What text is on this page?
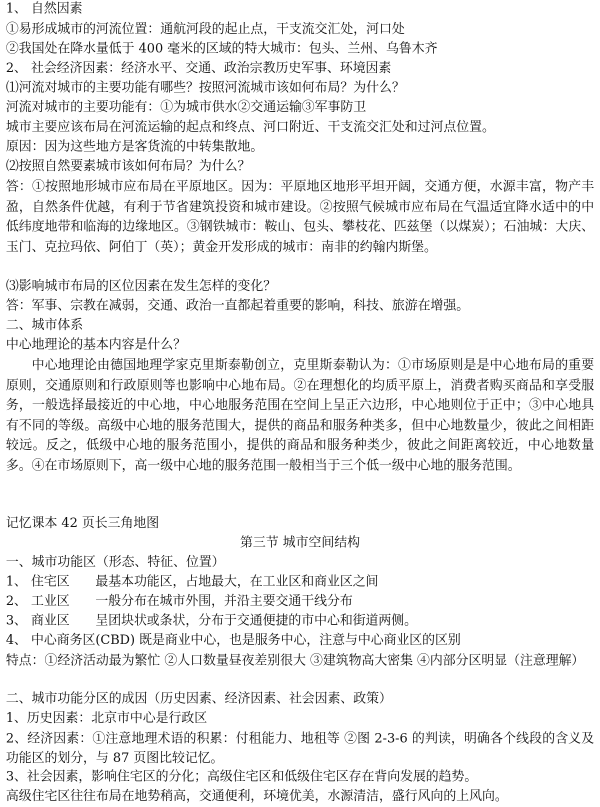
1、 自然因素
①易形成城市的河流位置：通航河段的起止点，干支流交汇处，河口处
②我国处在降水量低于 400 毫米的区域的特大城市：包头、兰州、乌鲁木齐
2、 社会经济因素：经济水平、交通、政治宗教历史军事、环境因素
⑴河流对城市的主要功能有哪些？按照河流城市该如何布局？为什么？
河流对城市的主要功能有：①为城市供水②交通运输③军事防卫
城市主要应该布局在河流运输的起点和终点、河口附近、干支流交汇处和过河点位置。
原因：因为这些地方是客货流的中转集散地。
⑵按照自然要素城市该如何布局？为什么？
答：①按照地形城市应布局在平原地区。因为：平原地区地形平坦开阔，交通方便，水源丰富，物产丰盈，自然条件优越，有利于节省建筑投资和城市建设。②按照气候城市应布局在气温适宜降水适中的中低纬度地带和临海的边缘地区。③钢铁城市：鞍山、包头、攀枝花、匹兹堡（以煤炭）；石油城：大庆、玉门、克拉玛依、阿伯丁（英）；黄金开发形成的城市：南非的约翰内斯堡。
⑶影响城市布局的区位因素在发生怎样的变化？
答：军事、宗教在减弱，交通、政治一直都起着重要的影响，科技、旅游在增强。
二、城市体系
中心地理论的基本内容是什么？
中心地理论由德国地理学家克里斯泰勒创立，克里斯泰勒认为：①市场原则是是中心地布局的重要原则，交通原则和行政原则等也影响中心地布局。②在理想化的均质平原上，消费者购买商品和享受服务，一般选择最接近的中心地，中心地服务范围在空间上呈正六边形，中心地则位于正中；③中心地具有不同的等级。高级中心地的服务范围大，提供的商品和服务种类多，但中心地数量少，彼此之间相距较远。反之，低级中心地的服务范围小，提供的商品和服务种类少，彼此之间距离较近，中心地数量多。④在市场原则下，高一级中心地的服务范围一般相当于三个低一级中心地的服务范围。
记忆课本 42 页长三角地图
第三节 城市空间结构
一、城市功能区（形态、特征、位置）
1、 住宅区　　最基本功能区，占地最大，在工业区和商业区之间
2、 工业区　　一般分布在城市外围，并沿主要交通干线分布
3、 商业区　　呈团块状或条状，分布于交通便捷的市中心和街道两侧。
4、 中心商务区(CBD) 既是商业中心，也是服务中心，注意与中心商业区的区别
特点：①经济活动最为繁忙 ②人口数量昼夜差别很大 ③建筑物高大密集 ④内部分区明显（注意理解）
二、城市功能分区的成因（历史因素、经济因素、社会因素、政策）
1、历史因素：北京市中心是行政区
2、经济因素：①注意地理术语的积累：付租能力、地租等 ②图 2-3-6 的判读，明确各个线段的含义及功能区的划分，与 87 页图比较记忆。
3、社会因素，影响住宅区的分化；高级住宅区和低级住宅区存在背向发展的趋势。
高级住宅区往往布局在地势稍高，交通便利，环境优美，水源清洁，盛行风向的上风向。
